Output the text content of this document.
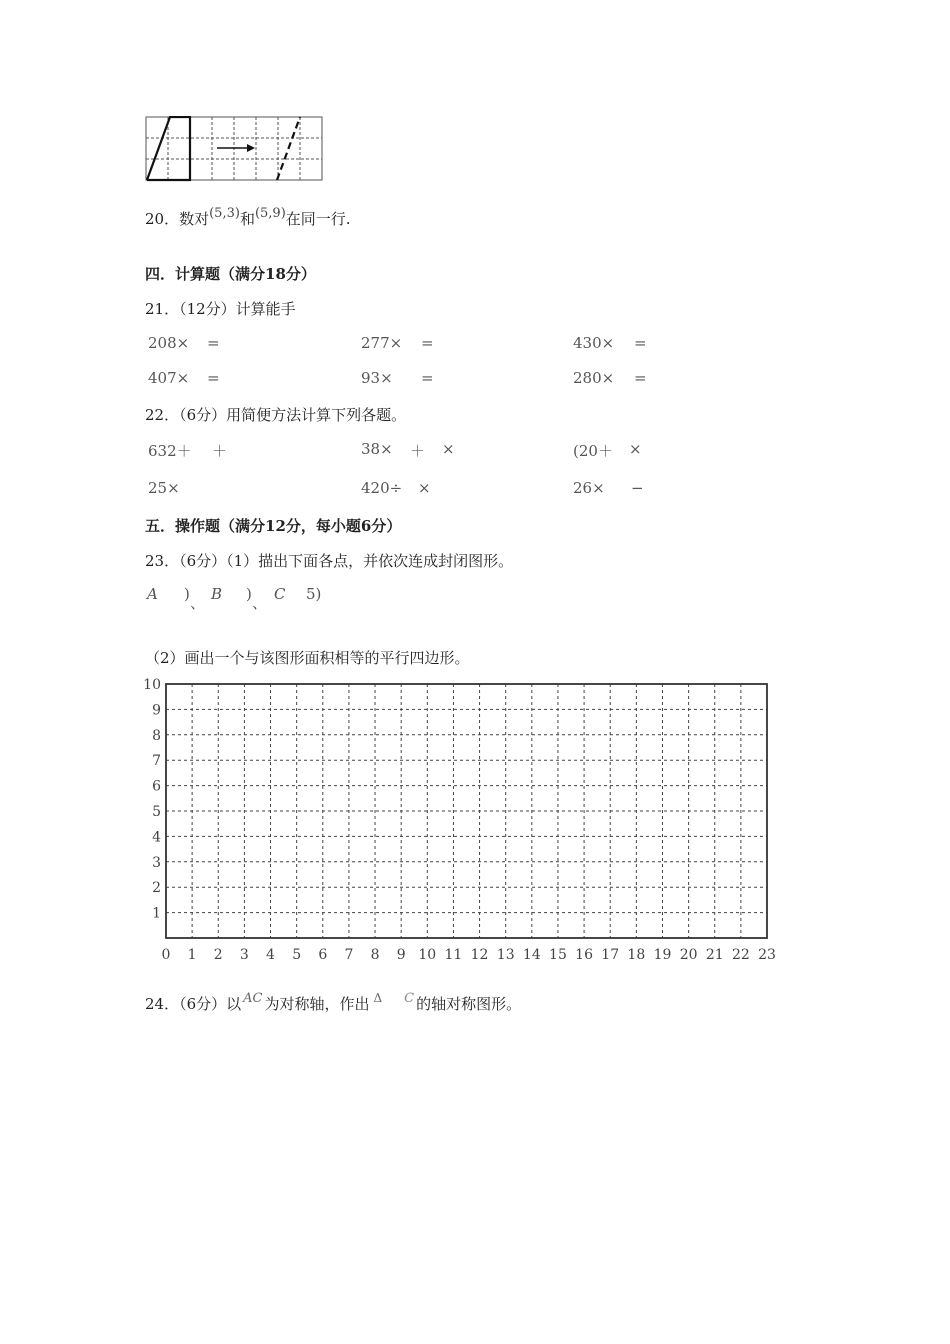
20．数对(5,3)和(5,9)在同一行.
四．计算题（满分18分）
21．（12分）计算能手
208× =	277× =	430× =
407× =	93× =	280× =
22．（6分）用简便方法计算下列各题。
632＋ ＋	38× ＋ ×	(20＋ ×
25×	420÷ ×	26× −
五．操作题（满分12分，每小题6分）
23．（6分）（1）描出下面各点，并依次连成封闭图形。
A ) 、 B ) 、 C 5)
（2）画出一个与该图形面积相等的平行四边形。
0 1 2 3 4 5 6 7 8 9 10 11 12 13 14 15 16 17 18 19 20 21 22 23
10
9
8
7
6
5
4
3
2
1
24．（6分）以 AC 为对称轴，作出 $^\Delta$ C 的轴对称图形。
